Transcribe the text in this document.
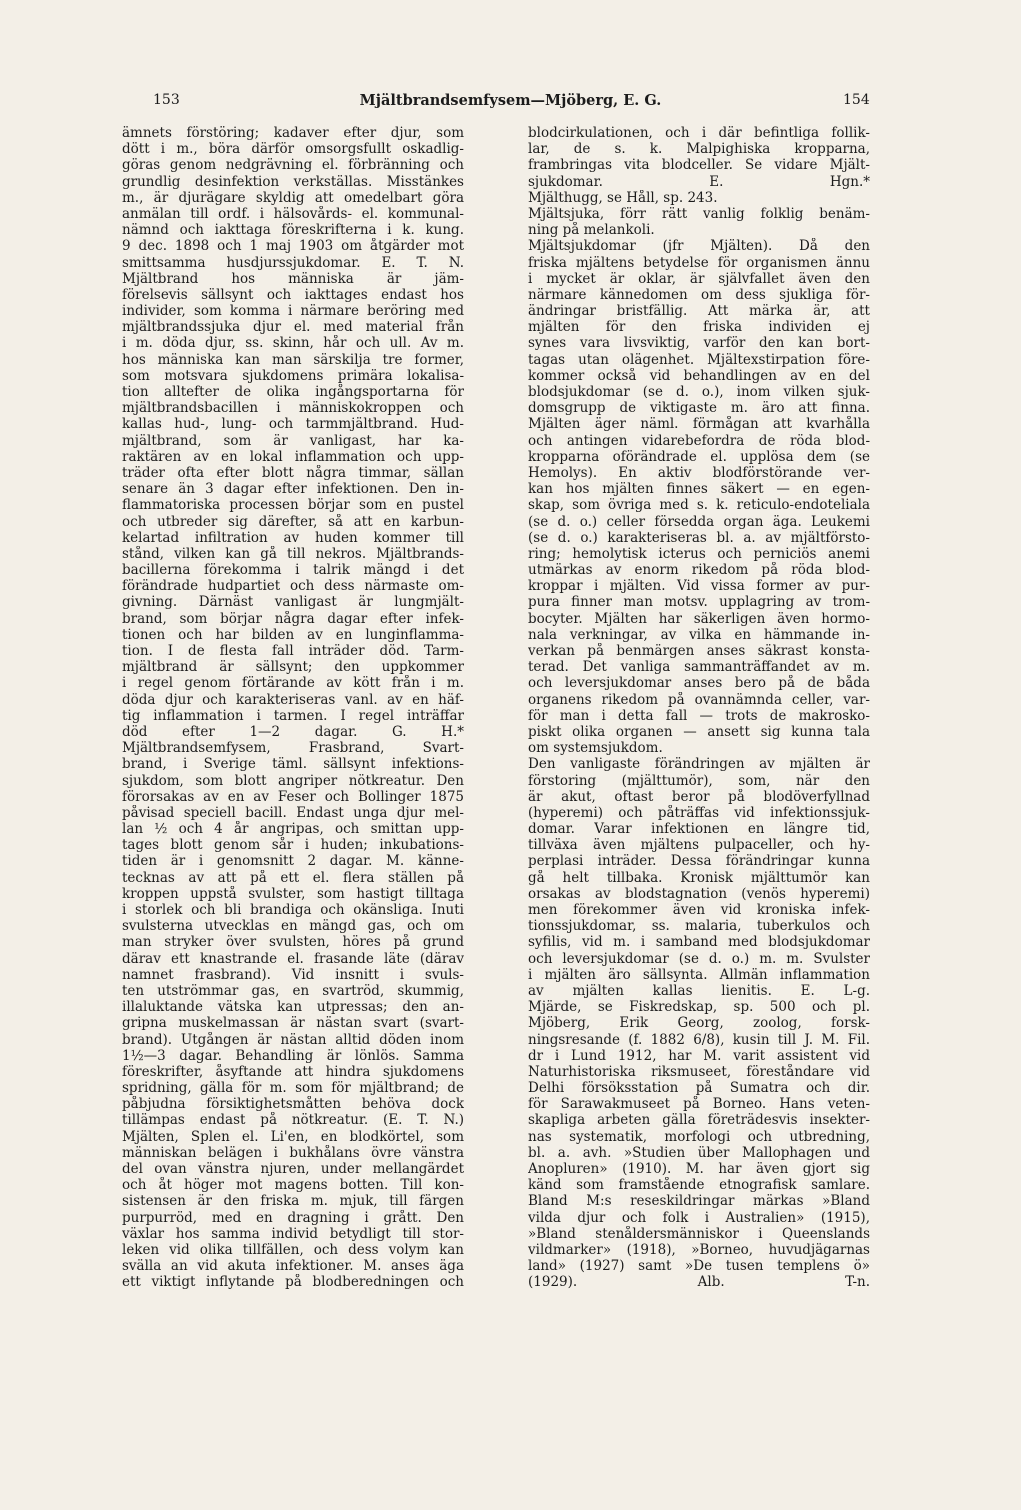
153	Mjältbrandsemfysem—Mjöberg, E. G.	154
ämnets förstöring; kadaver efter djur, som
dött i m., böra därför omsorgsfullt oskadlig-
göras genom nedgrävning el. förbränning och
grundlig desinfektion verkställas. Misstänkes
m., är djurägare skyldig att omedelbart göra
anmälan till ordf. i hälsovårds- el. kommunal-
nämnd och iakttaga föreskrifterna i k. kung.
9 dec. 1898 och 1 maj 1903 om åtgärder mot
smittsamma husdjurssjukdomar. E. T. N.
Mjältbrand hos människa är jäm-
förelsevis sällsynt och iakttages endast hos
individer, som komma i närmare beröring med
mjältbrandssjuka djur el. med material från
i m. döda djur, ss. skinn, hår och ull. Av m.
hos människa kan man särskilja tre former,
som motsvara sjukdomens primära lokalisa-
tion alltefter de olika ingångsportarna för
mjältbrandsbacillen i människokroppen och
kallas hud-, lung- och tarmmjältbrand. Hud-
mjältbrand, som är vanligast, har ka-
raktären av en lokal inflammation och upp-
träder ofta efter blott några timmar, sällan
senare än 3 dagar efter infektionen. Den in-
flammatoriska processen börjar som en pustel
och utbreder sig därefter, så att en karbun-
kelartad infiltration av huden kommer till
stånd, vilken kan gå till nekros. Mjältbrands-
bacillerna förekomma i talrik mängd i det
förändrade hudpartiet och dess närmaste om-
givning. Därnäst vanligast är lungmjält-
brand, som börjar några dagar efter infek-
tionen och har bilden av en lunginflamma-
tion. I de flesta fall inträder död. Tarm-
mjältbrand är sällsynt; den uppkommer
i regel genom förtärande av kött från i m.
döda djur och karakteriseras vanl. av en häf-
tig inflammation i tarmen. I regel inträffar
död efter 1—2 dagar. G. H.*
Mjältbrandsemfysem, Frasbrand, Svart-
brand, i Sverige täml. sällsynt infektions-
sjukdom, som blott angriper nötkreatur. Den
förorsakas av en av Feser och Bollinger 1875
påvisad speciell bacill. Endast unga djur mel-
lan ½ och 4 år angripas, och smittan upp-
tages blott genom sår i huden; inkubations-
tiden är i genomsnitt 2 dagar. M. känne-
tecknas av att på ett el. flera ställen på
kroppen uppstå svulster, som hastigt tilltaga
i storlek och bli brandiga och okänsliga. Inuti
svulsterna utvecklas en mängd gas, och om
man stryker över svulsten, höres på grund
därav ett knastrande el. frasande läte (därav
namnet frasbrand). Vid insnitt i svuls-
ten utströmmar gas, en svartröd, skummig,
illaluktande vätska kan utpressas; den an-
gripna muskelmassan är nästan svart (svart-
brand). Utgången är nästan alltid döden inom
1½—3 dagar. Behandling är lönlös. Samma
föreskrifter, åsyftande att hindra sjukdomens
spridning, gälla för m. som för mjältbrand; de
påbjudna försiktighetsmåtten behöva dock
tillämpas endast på nötkreatur. (E. T. N.)
Mjälten, Splen el. Li'en, en blodkörtel, som
människan belägen i bukhålans övre vänstra
del ovan vänstra njuren, under mellangärdet
och åt höger mot magens botten. Till kon-
sistensen är den friska m. mjuk, till färgen
purpurröd, med en dragning i grått. Den
växlar hos samma individ betydligt till stor-
leken vid olika tillfällen, och dess volym kan
svälla an vid akuta infektioner. M. anses äga
ett viktigt inflytande på blodberedningen och
blodcirkulationen, och i där befintliga follik-
lar, de s. k. Malpighiska kropparna,
frambringas vita blodceller. Se vidare Mjält-
sjukdomar. E. Hgn.*
Mjälthugg, se Håll, sp. 243.
Mjältsjuka, förr rätt vanlig folklig benäm-
ning på melankoli.
Mjältsjukdomar (jfr Mjälten). Då den
friska mjältens betydelse för organismen ännu
i mycket är oklar, är självfallet även den
närmare kännedomen om dess sjukliga för-
ändringar bristfällig. Att märka är, att
mjälten för den friska individen ej
synes vara livsviktig, varför den kan bort-
tagas utan olägenhet. Mjältexstirpation före-
kommer också vid behandlingen av en del
blodsjukdomar (se d. o.), inom vilken sjuk-
domsgrupp de viktigaste m. äro att finna.
Mjälten äger näml. förmågan att kvarhålla
och antingen vidarebefordra de röda blod-
kropparna oförändrade el. upplösa dem (se
Hemolys). En aktiv blodförstörande ver-
kan hos mjälten finnes säkert — en egen-
skap, som övriga med s. k. reticulo-endoteliala
(se d. o.) celler försedda organ äga. Leukemi
(se d. o.) karakteriseras bl. a. av mjältförsto-
ring; hemolytisk icterus och perniciös anemi
utmärkas av enorm rikedom på röda blod-
kroppar i mjälten. Vid vissa former av pur-
pura finner man motsv. upplagring av trom-
bocyter. Mjälten har säkerligen även hormo-
nala verkningar, av vilka en hämmande in-
verkan på benmärgen anses säkrast konsta-
terad. Det vanliga sammanträffandet av m.
och leversjukdomar anses bero på de båda
organens rikedom på ovannämnda celler, var-
för man i detta fall — trots de makrosko-
piskt olika organen — ansett sig kunna tala
om systemsjukdom.
Den vanligaste förändringen av mjälten är
förstoring (mjälttumör), som, när den
är akut, oftast beror på blodöverfyllnad
(hyperemi) och påträffas vid infektionssjuk-
domar. Varar infektionen en längre tid,
tillväxa även mjältens pulpaceller, och hy-
perplasi inträder. Dessa förändringar kunna
gå helt tillbaka. Kronisk mjälttumör kan
orsakas av blodstagnation (venös hyperemi)
men förekommer även vid kroniska infek-
tionssjukdomar, ss. malaria, tuberkulos och
syfilis, vid m. i samband med blodsjukdomar
och leversjukdomar (se d. o.) m. m. Svulster
i mjälten äro sällsynta. Allmän inflammation
av mjälten kallas lienitis. E. L-g.
Mjärde, se Fiskredskap, sp. 500 och pl.
Mjöberg, Erik Georg, zoolog, forsk-
ningsresande (f. 1882 6/8), kusin till J. M. Fil.
dr i Lund 1912, har M. varit assistent vid
Naturhistoriska riksmuseet, föreståndare vid
Delhi försöksstation på Sumatra och dir.
för Sarawakmuseet på Borneo. Hans veten-
skapliga arbeten gälla företrädesvis insekter-
nas systematik, morfologi och utbredning,
bl. a. avh. »Studien über Mallophagen und
Anopluren» (1910). M. har även gjort sig
känd som framstående etnografisk samlare.
Bland M:s reseskildringar märkas »Bland
vilda djur och folk i Australien» (1915),
»Bland stenåldersmänniskor i Queenslands
vildmarker» (1918), »Borneo, huvudjägarnas
land» (1927) samt »De tusen templens ö»
(1929). Alb. T-n.
